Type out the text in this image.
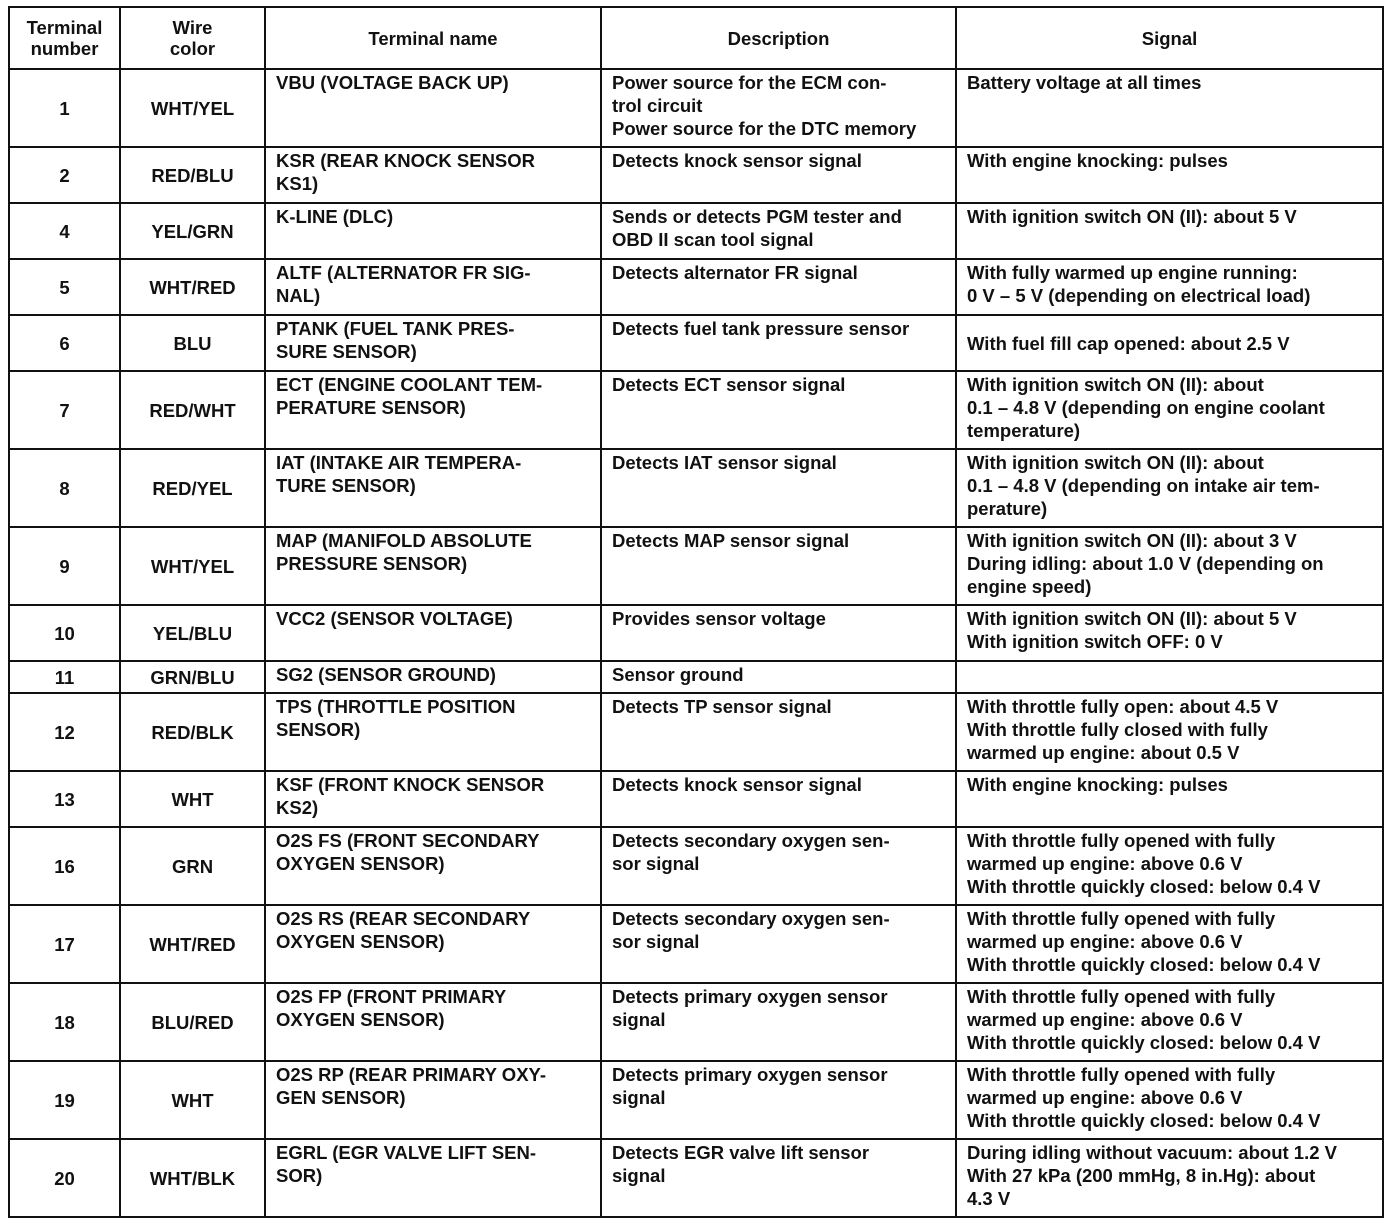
Terminal
number	Wire
color	Terminal name	Description	Signal
1	WHT/YEL	VBU (VOLTAGE BACK UP)	Power source for the ECM con-
trol circuit
Power source for the DTC memory	Battery voltage at all times

2	RED/BLU	KSR (REAR KNOCK SENSOR
KS1)	Detects knock sensor signal	With engine knocking: pulses

4	YEL/GRN	K-LINE (DLC)	Sends or detects PGM tester and
OBD II scan tool signal	With ignition switch ON (II): about 5 V

5	WHT/RED	ALTF (ALTERNATOR FR SIG-
NAL)	Detects alternator FR signal	With fully warmed up engine running:
0 V – 5 V (depending on electrical load)

6	BLU	PTANK (FUEL TANK PRES-
SURE SENSOR)	Detects fuel tank pressure sensor	With fuel fill cap opened: about 2.5 V

7	RED/WHT	ECT (ENGINE COOLANT TEM-
PERATURE SENSOR)	Detects ECT sensor signal	With ignition switch ON (II): about
0.1 – 4.8 V (depending on engine coolant
temperature)

8	RED/YEL	IAT (INTAKE AIR TEMPERA-
TURE SENSOR)	Detects IAT sensor signal	With ignition switch ON (II): about
0.1 – 4.8 V (depending on intake air tem-
perature)

9	WHT/YEL	MAP (MANIFOLD ABSOLUTE
PRESSURE SENSOR)	Detects MAP sensor signal	With ignition switch ON (II): about 3 V
During idling: about 1.0 V (depending on
engine speed)

10	YEL/BLU	VCC2 (SENSOR VOLTAGE)	Provides sensor voltage	With ignition switch ON (II): about 5 V
With ignition switch OFF: 0 V

11	GRN/BLU	SG2 (SENSOR GROUND)	Sensor ground	

12	RED/BLK	TPS (THROTTLE POSITION
SENSOR)	Detects TP sensor signal	With throttle fully open: about 4.5 V
With throttle fully closed with fully
warmed up engine: about 0.5 V

13	WHT	KSF (FRONT KNOCK SENSOR
KS2)	Detects knock sensor signal	With engine knocking: pulses

16	GRN	O2S FS (FRONT SECONDARY
OXYGEN SENSOR)	Detects secondary oxygen sen-
sor signal	With throttle fully opened with fully
warmed up engine: above 0.6 V
With throttle quickly closed: below 0.4 V

17	WHT/RED	O2S RS (REAR SECONDARY
OXYGEN SENSOR)	Detects secondary oxygen sen-
sor signal	With throttle fully opened with fully
warmed up engine: above 0.6 V
With throttle quickly closed: below 0.4 V

18	BLU/RED	O2S FP (FRONT PRIMARY
OXYGEN SENSOR)	Detects primary oxygen sensor
signal	With throttle fully opened with fully
warmed up engine: above 0.6 V
With throttle quickly closed: below 0.4 V

19	WHT	O2S RP (REAR PRIMARY OXY-
GEN SENSOR)	Detects primary oxygen sensor
signal	With throttle fully opened with fully
warmed up engine: above 0.6 V
With throttle quickly closed: below 0.4 V

20	WHT/BLK	EGRL (EGR VALVE LIFT SEN-
SOR)	Detects EGR valve lift sensor
signal	During idling without vacuum: about 1.2 V
With 27 kPa (200 mmHg, 8 in.Hg): about
4.3 V
